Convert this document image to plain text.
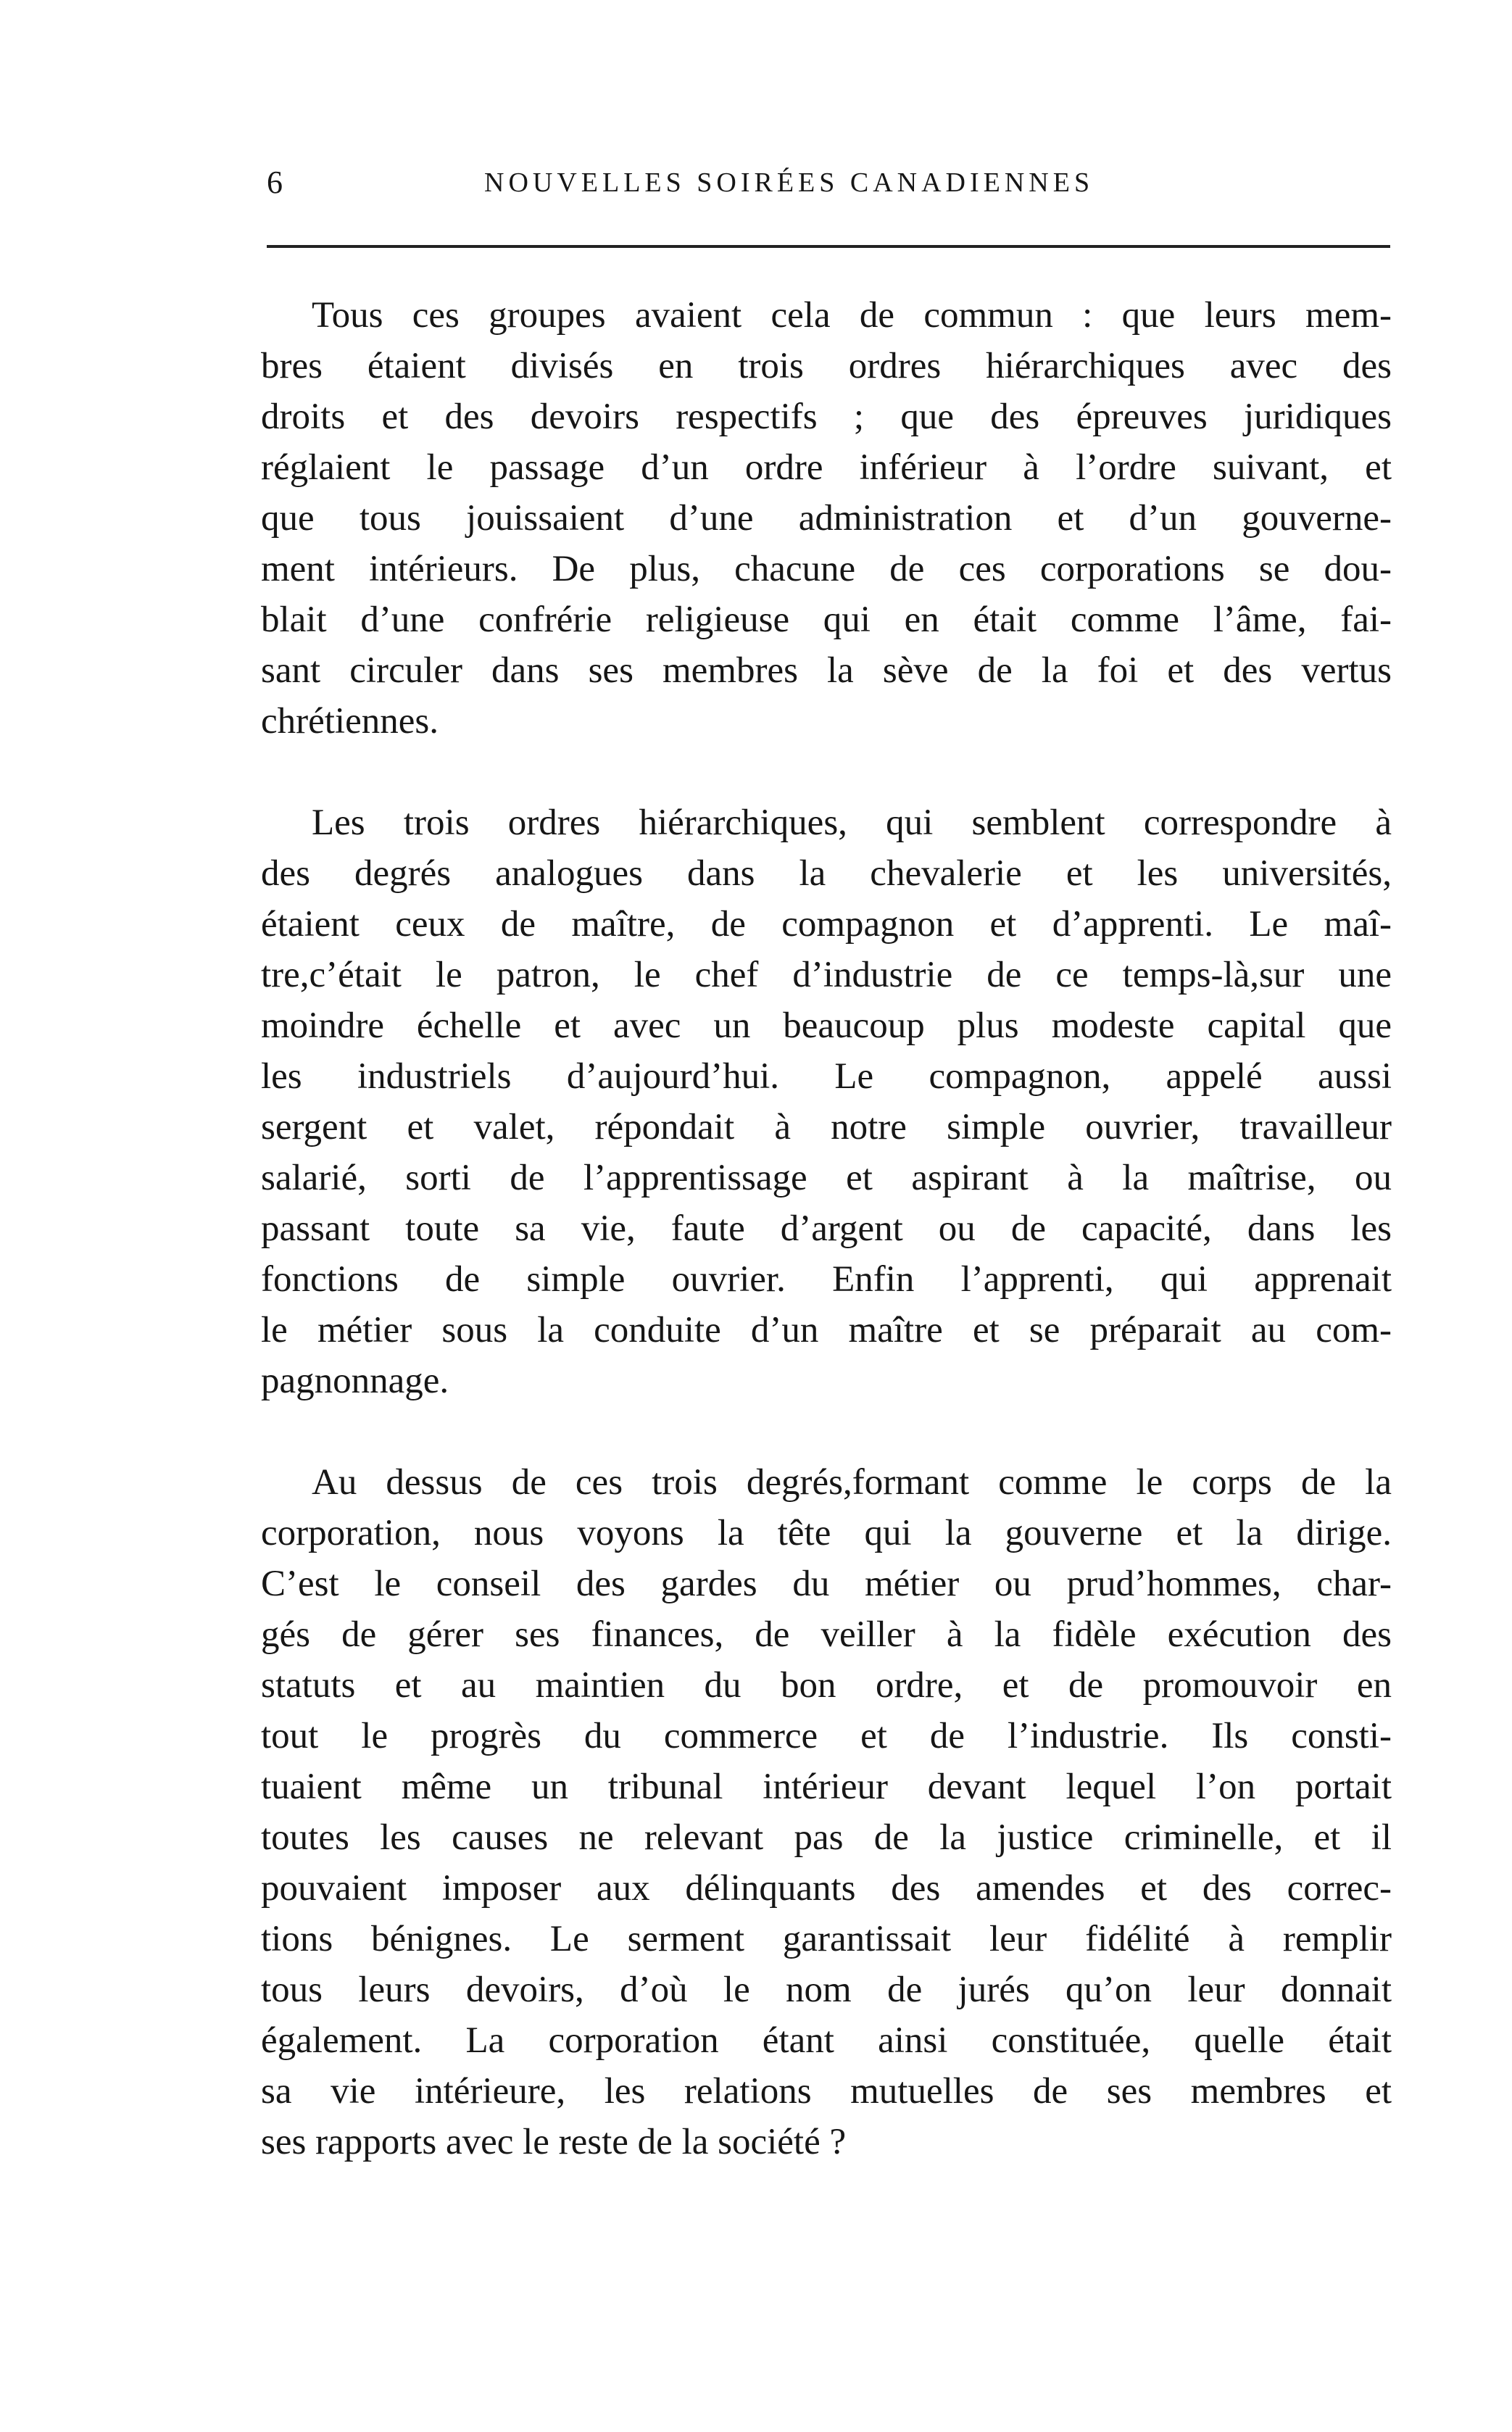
6	NOUVELLES SOIRÉES CANADIENNES

Tous ces groupes avaient cela de commun : que leurs mem-
bres étaient divisés en trois ordres hiérarchiques avec des
droits et des devoirs respectifs ; que des épreuves juridiques
réglaient le passage d’un ordre inférieur à l’ordre suivant, et
que tous jouissaient d’une administration et d’un gouverne-
ment intérieurs. De plus, chacune de ces corporations se dou-
blait d’une confrérie religieuse qui en était comme l’âme, fai-
sant circuler dans ses membres la sève de la foi et des vertus
chrétiennes.

Les trois ordres hiérarchiques, qui semblent correspondre à
des degrés analogues dans la chevalerie et les universités,
étaient ceux de maître, de compagnon et d’apprenti. Le maî-
tre,c’était le patron, le chef d’industrie de ce temps-là,sur une
moindre échelle et avec un beaucoup plus modeste capital que
les industriels d’aujourd’hui. Le compagnon, appelé aussi
sergent et valet, répondait à notre simple ouvrier, travailleur
salarié, sorti de l’apprentissage et aspirant à la maîtrise, ou
passant toute sa vie, faute d’argent ou de capacité, dans les
fonctions de simple ouvrier. Enfin l’apprenti, qui apprenait
le métier sous la conduite d’un maître et se préparait au com-
pagnonnage.

Au dessus de ces trois degrés,formant comme le corps de la
corporation, nous voyons la tête qui la gouverne et la dirige.
C’est le conseil des gardes du métier ou prud’hommes, char-
gés de gérer ses finances, de veiller à la fidèle exécution des
statuts et au maintien du bon ordre, et de promouvoir en
tout le progrès du commerce et de l’industrie. Ils consti-
tuaient même un tribunal intérieur devant lequel l’on portait
toutes les causes ne relevant pas de la justice criminelle, et il
pouvaient imposer aux délinquants des amendes et des correc-
tions bénignes. Le serment garantissait leur fidélité à remplir
tous leurs devoirs, d’où le nom de jurés qu’on leur donnait
également. La corporation étant ainsi constituée, quelle était
sa vie intérieure, les relations mutuelles de ses membres et
ses rapports avec le reste de la société ?
